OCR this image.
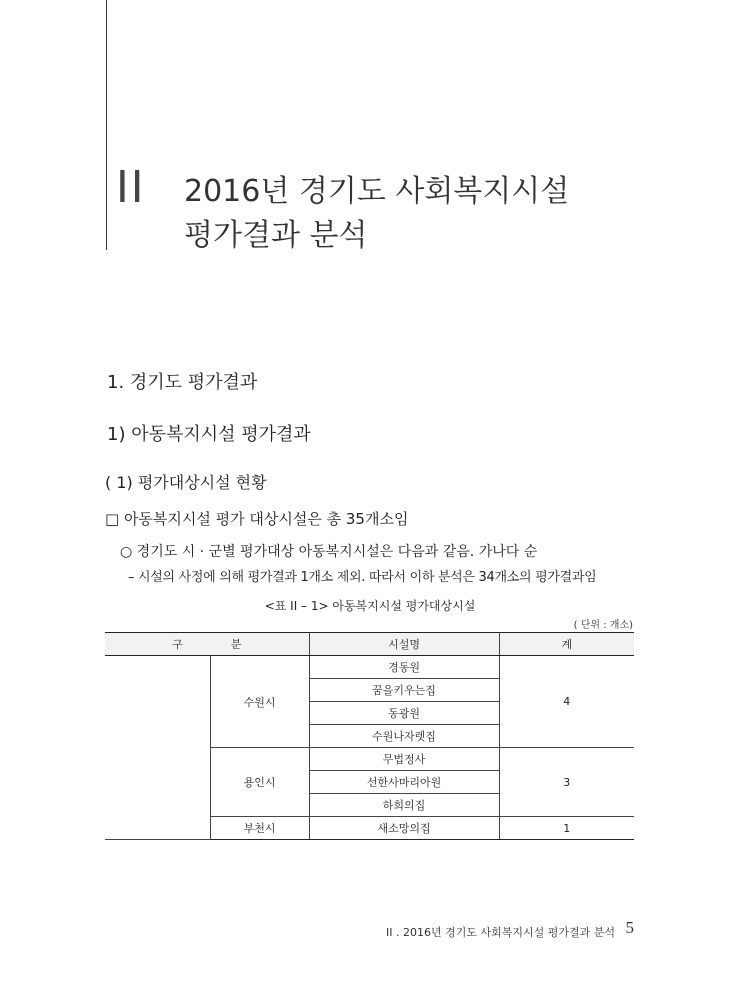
II 2016년 경기도 사회복지시설
평가결과 분석
1. 경기도 평가결과
1) 아동복지시설 평가결과
( 1) 평가대상시설 현황
□ 아동복지시설 평가 대상시설은 총 35개소임
○ 경기도 시 · 군별 평가대상 아동복지시설은 다음과 같음. 가나다 순
– 시설의 사정에 의해 평가결과 1개소 제외. 따라서 이하 분석은 34개소의 평가결과임
<표 II – 1> 아동복지시설 평가대상시설
( 단위 : 개소)
구분		시설명	계
	수원시	경동원	4
		꿈을키우는집	
		동광원	
		수원나자렛집	
	용인시	무법정사	3
		선한사마리아원	
		하희의집	
	부천시	새소망의집	1
II . 2016년 경기도 사회복지시설 평가결과 분석 5
